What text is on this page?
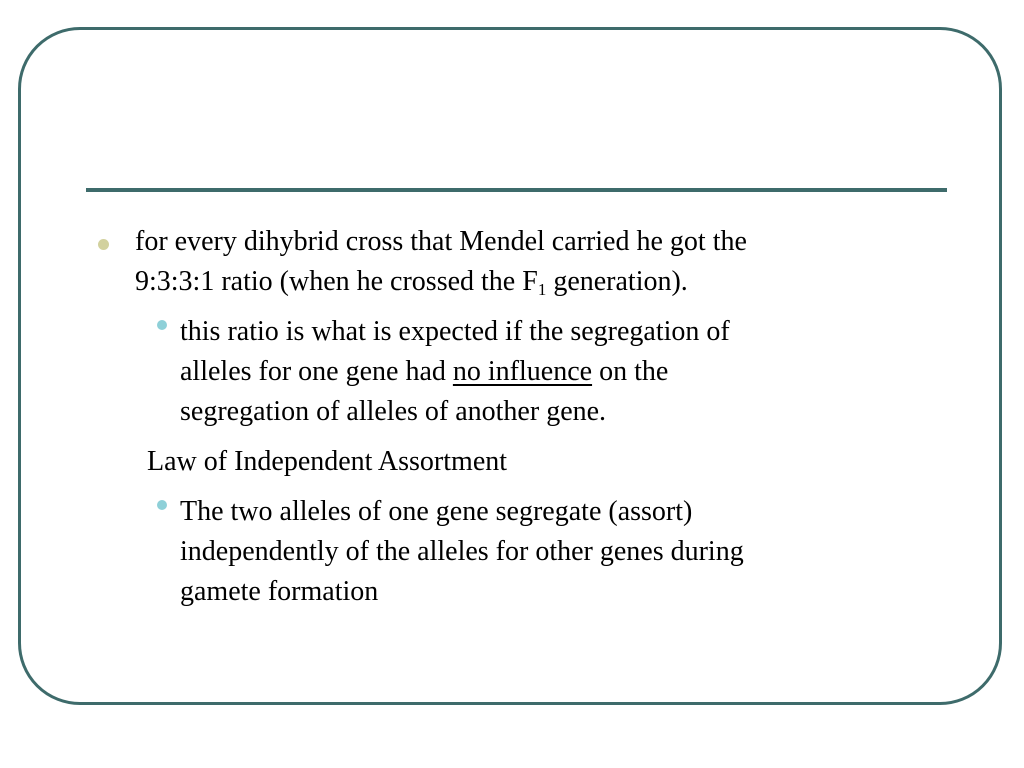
for every dihybrid cross that Mendel carried he got the
9:3:3:1 ratio (when he crossed the $F_1$ generation).
this ratio is what is expected if the segregation of
alleles for one gene had no influence on the
segregation of alleles of another gene.
Law of Independent Assortment
The two alleles of one gene segregate (assort)
independently of the alleles for other genes during
gamete formation
